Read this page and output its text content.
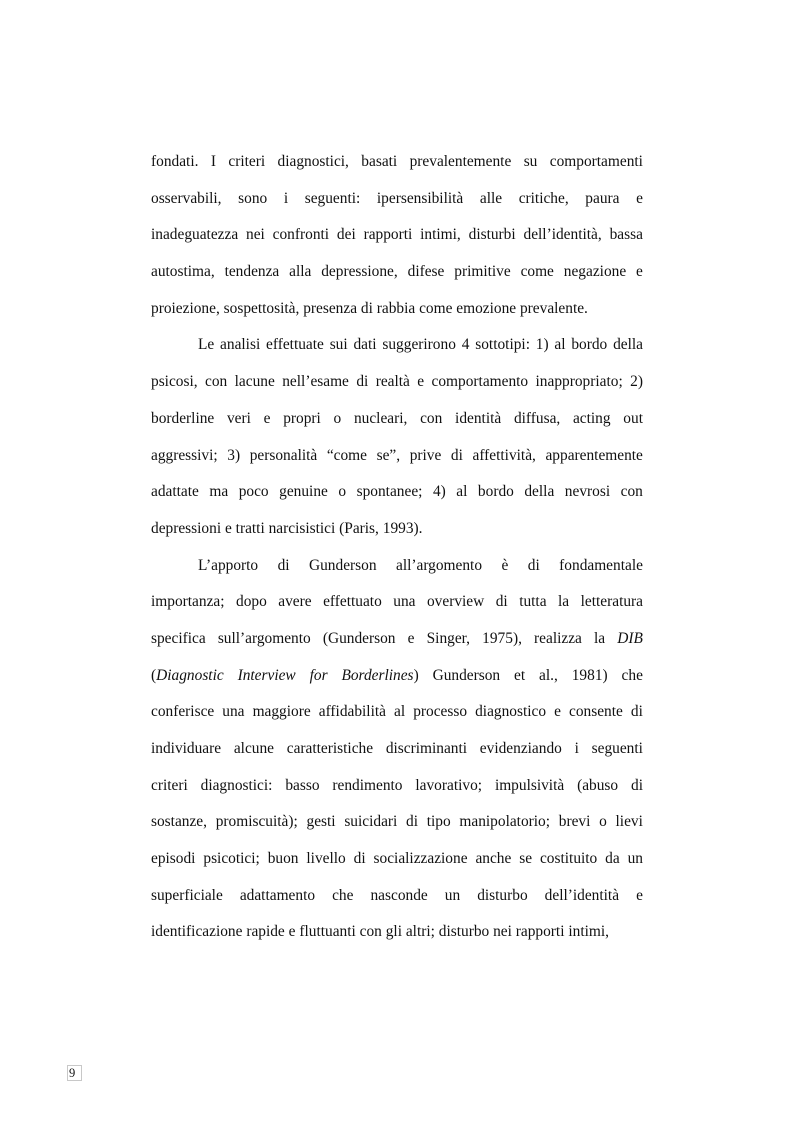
fondati. I criteri diagnostici, basati prevalentemente su comportamenti
osservabili, sono i seguenti: ipersensibilità alle critiche, paura e
inadeguatezza nei confronti dei rapporti intimi, disturbi dell’identità, bassa
autostima, tendenza alla depressione, difese primitive come negazione e
proiezione, sospettosità, presenza di rabbia come emozione prevalente.
Le analisi effettuate sui dati suggerirono 4 sottotipi: 1) al bordo della
psicosi, con lacune nell’esame di realtà e comportamento inappropriato; 2)
borderline veri e propri o nucleari, con identità diffusa, acting out
aggressivi; 3) personalità “come se”, prive di affettività, apparentemente
adattate ma poco genuine o spontanee; 4) al bordo della nevrosi con
depressioni e tratti narcisistici (Paris, 1993).
L’apporto di Gunderson all’argomento è di fondamentale
importanza; dopo avere effettuato una overview di tutta la letteratura
specifica sull’argomento (Gunderson e Singer, 1975), realizza la DIB
(Diagnostic Interview for Borderlines) Gunderson et al., 1981) che
conferisce una maggiore affidabilità al processo diagnostico e consente di
individuare alcune caratteristiche discriminanti evidenziando i seguenti
criteri diagnostici: basso rendimento lavorativo; impulsività (abuso di
sostanze, promiscuità); gesti suicidari di tipo manipolatorio; brevi o lievi
episodi psicotici; buon livello di socializzazione anche se costituito da un
superficiale adattamento che nasconde un disturbo dell’identità e
identificazione rapide e fluttuanti con gli altri; disturbo nei rapporti intimi,
9
